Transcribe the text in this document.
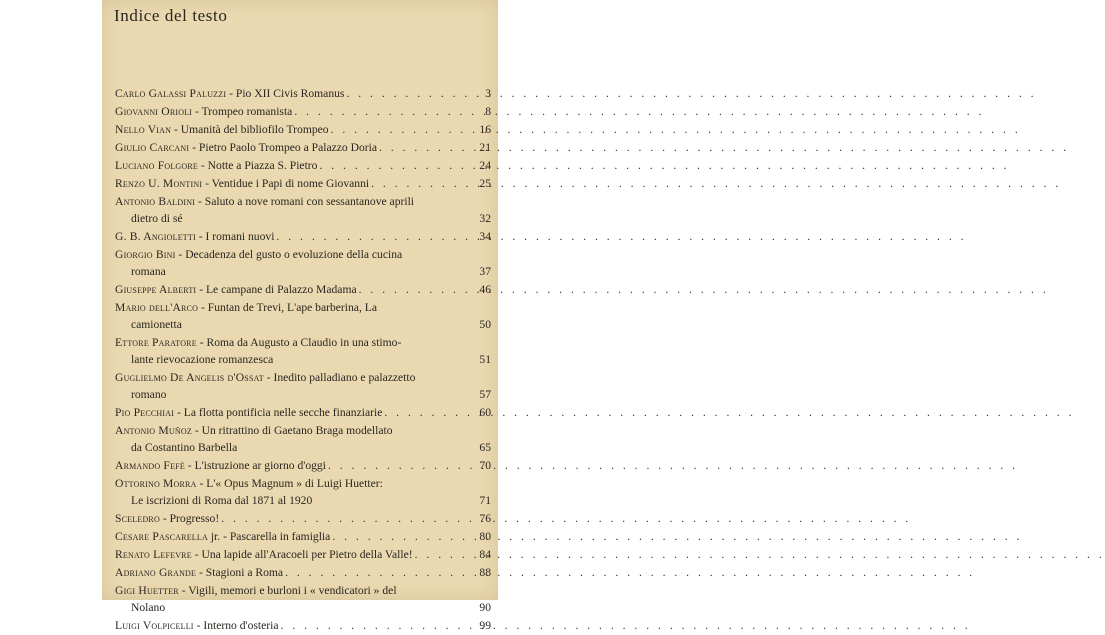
Indice del testo
Carlo Galassi Paluzzi - Pio XII Civis Romanus . . .	3
Giovanni Orioli - Trompeo romanista . . .	8
Nello Vian - Umanità del bibliofilo Trompeo . . .	16
Giulio Carcani - Pietro Paolo Trompeo a Palazzo Doria . . .	21
Luciano Folgore - Notte a Piazza S. Pietro . . .	24
Renzo U. Montini - Ventidue i Papi di nome Giovanni . . .	25
Antonio Baldini - Saluto a nove romani con sessantanove aprili
dietro di sé	32
G. B. Angioletti - I romani nuovi . . .	34
Giorgio Bini - Decadenza del gusto o evoluzione della cucina
romana	37
Giuseppe Alberti - Le campane di Palazzo Madama . . .	46
Mario dell'Arco - Funtan de Trevi, L'ape barberina, La
camionetta	50
Ettore Paratore - Roma da Augusto a Claudio in una stimo-
lante rievocazione romanzesca	51
Guglielmo De Angelis d'Ossat - Inedito palladiano e palazzetto
romano	57
Pio Pecchiai - La flotta pontificia nelle secche finanziarie . . .	60
Antonio Muñoz - Un ritrattino di Gaetano Braga modellato
da Costantino Barbella	65
Armando Fefè - L'istruzione ar giorno d'oggi . . .	70
Ottorino Morra - L'« Opus Magnum » di Luigi Huetter:
Le iscrizioni di Roma dal 1871 al 1920	71
Sceledro - Progresso! . . .	76
Cesare Pascarella jr. - Pascarella in famiglia . . .	80
Renato Lefevre - Una lapide all'Aracoeli per Pietro della Valle! . . .	84
Adriano Grande - Stagioni a Roma . . .	88
Gigi Huetter - Vigili, memori e burloni i « vendicatori » del
Nolano	90
Luigi Volpicelli - Interno d'osteria . . .	99
